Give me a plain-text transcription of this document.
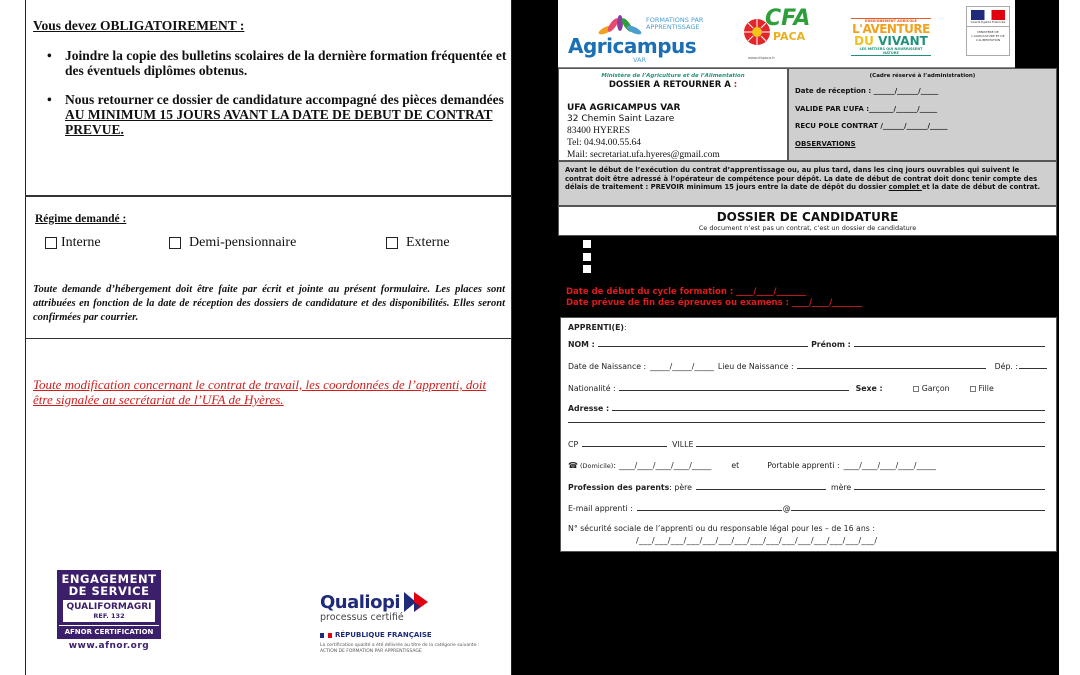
Vous devez OBLIGATOIREMENT :
• Joindre la copie des bulletins scolaires de la dernière formation fréquentée et des éventuels diplômes obtenus.
• Nous retourner ce dossier de candidature accompagné des pièces demandées AU MINIMUM 15 JOURS AVANT LA DATE DE DEBUT DE CONTRAT PREVUE.
Régime demandé :
Interne	Demi-pensionnaire	Externe
Toute demande d’hébergement doit être faite par écrit et jointe au présent formulaire. Les places sont attribuées en fonction de la date de réception des dossiers de candidature et des disponibilités. Elles seront confirmées par courrier.
Toute modification concernant le contrat de travail, les coordonnées de l’apprenti, doit être signalée au secrétariat de l’UFA de Hyères.
ENGAGEMENT
DE SERVICE
QUALIFORMAGRI
REF. 132
AFNOR CERTIFICATION
www.afnor.org
Qualiopi
processus certifié
RÉPUBLIQUE FRANÇAISE
La certification qualité a été délivrée au titre de la catégorie suivante :
ACTION DE FORMATION PAR APPRENTISSAGE
FORMATIONS PAR
APPRENTISSAGE
Agricampus
VAR
CFA
PACA
www.cfapaca.fr
ENSEIGNEMENT AGRICOLE
L'AVENTURE
DU VIVANT
LES MÉTIERS QUI NOURRISSENT NATURE
Liberté Égalité Fraternité
MINISTÈRE DE L'AGRICULTURE ET DE L'ALIMENTATION
Ministère de l’Agriculture et de l’Alimentation
DOSSIER A RETOURNER A :
UFA AGRICAMPUS VAR
32 Chemin Saint Lazare
83400 HYERES
Tel: 04.94.00.55.64
Mail: secretariat.ufa.hyeres@gmail.com
(Cadre réservé à l’administration)
Date de réception : ______/______/_____
VALIDE PAR L’UFA :_______/______/_____
RECU POLE CONTRAT /______/______/_____
OBSERVATIONS
Avant le début de l’exécution du contrat d’apprentissage ou, au plus tard, dans les cinq jours ouvrables qui suivent le contrat doit être adressé à l’opérateur de compétence pour dépôt. La date de début de contrat doit donc tenir compte des délais de traitement : PREVOIR minimum 15 jours entre la date de dépôt du dossier complet et la date de début de contrat.
DOSSIER DE CANDIDATURE
Ce document n’est pas un contrat, c’est un dossier de candidature
Date de début du cycle formation : ____/____/_______
Date prévue de fin des épreuves ou examens : ____/____/_______
APPRENTI(E) :
NOM :	Prénom :
Date de Naissance : _____/_____/_____ Lieu de Naissance :	Dép. :
Nationalité :	Sexe :	Garçon	Fille
Adresse :
CP	VILLE
☎ (Domicile) : ____/____/____/____/_____	et	Portable apprenti : ____/____/____/____/_____
Profession des parents : père	mère
E-mail apprenti :	@
N° sécurité sociale de l’apprenti ou du responsable légal pour les – de 16 ans :
/___/___/___/___/___/___/___/___/___/___/___/___/___/___/___/
